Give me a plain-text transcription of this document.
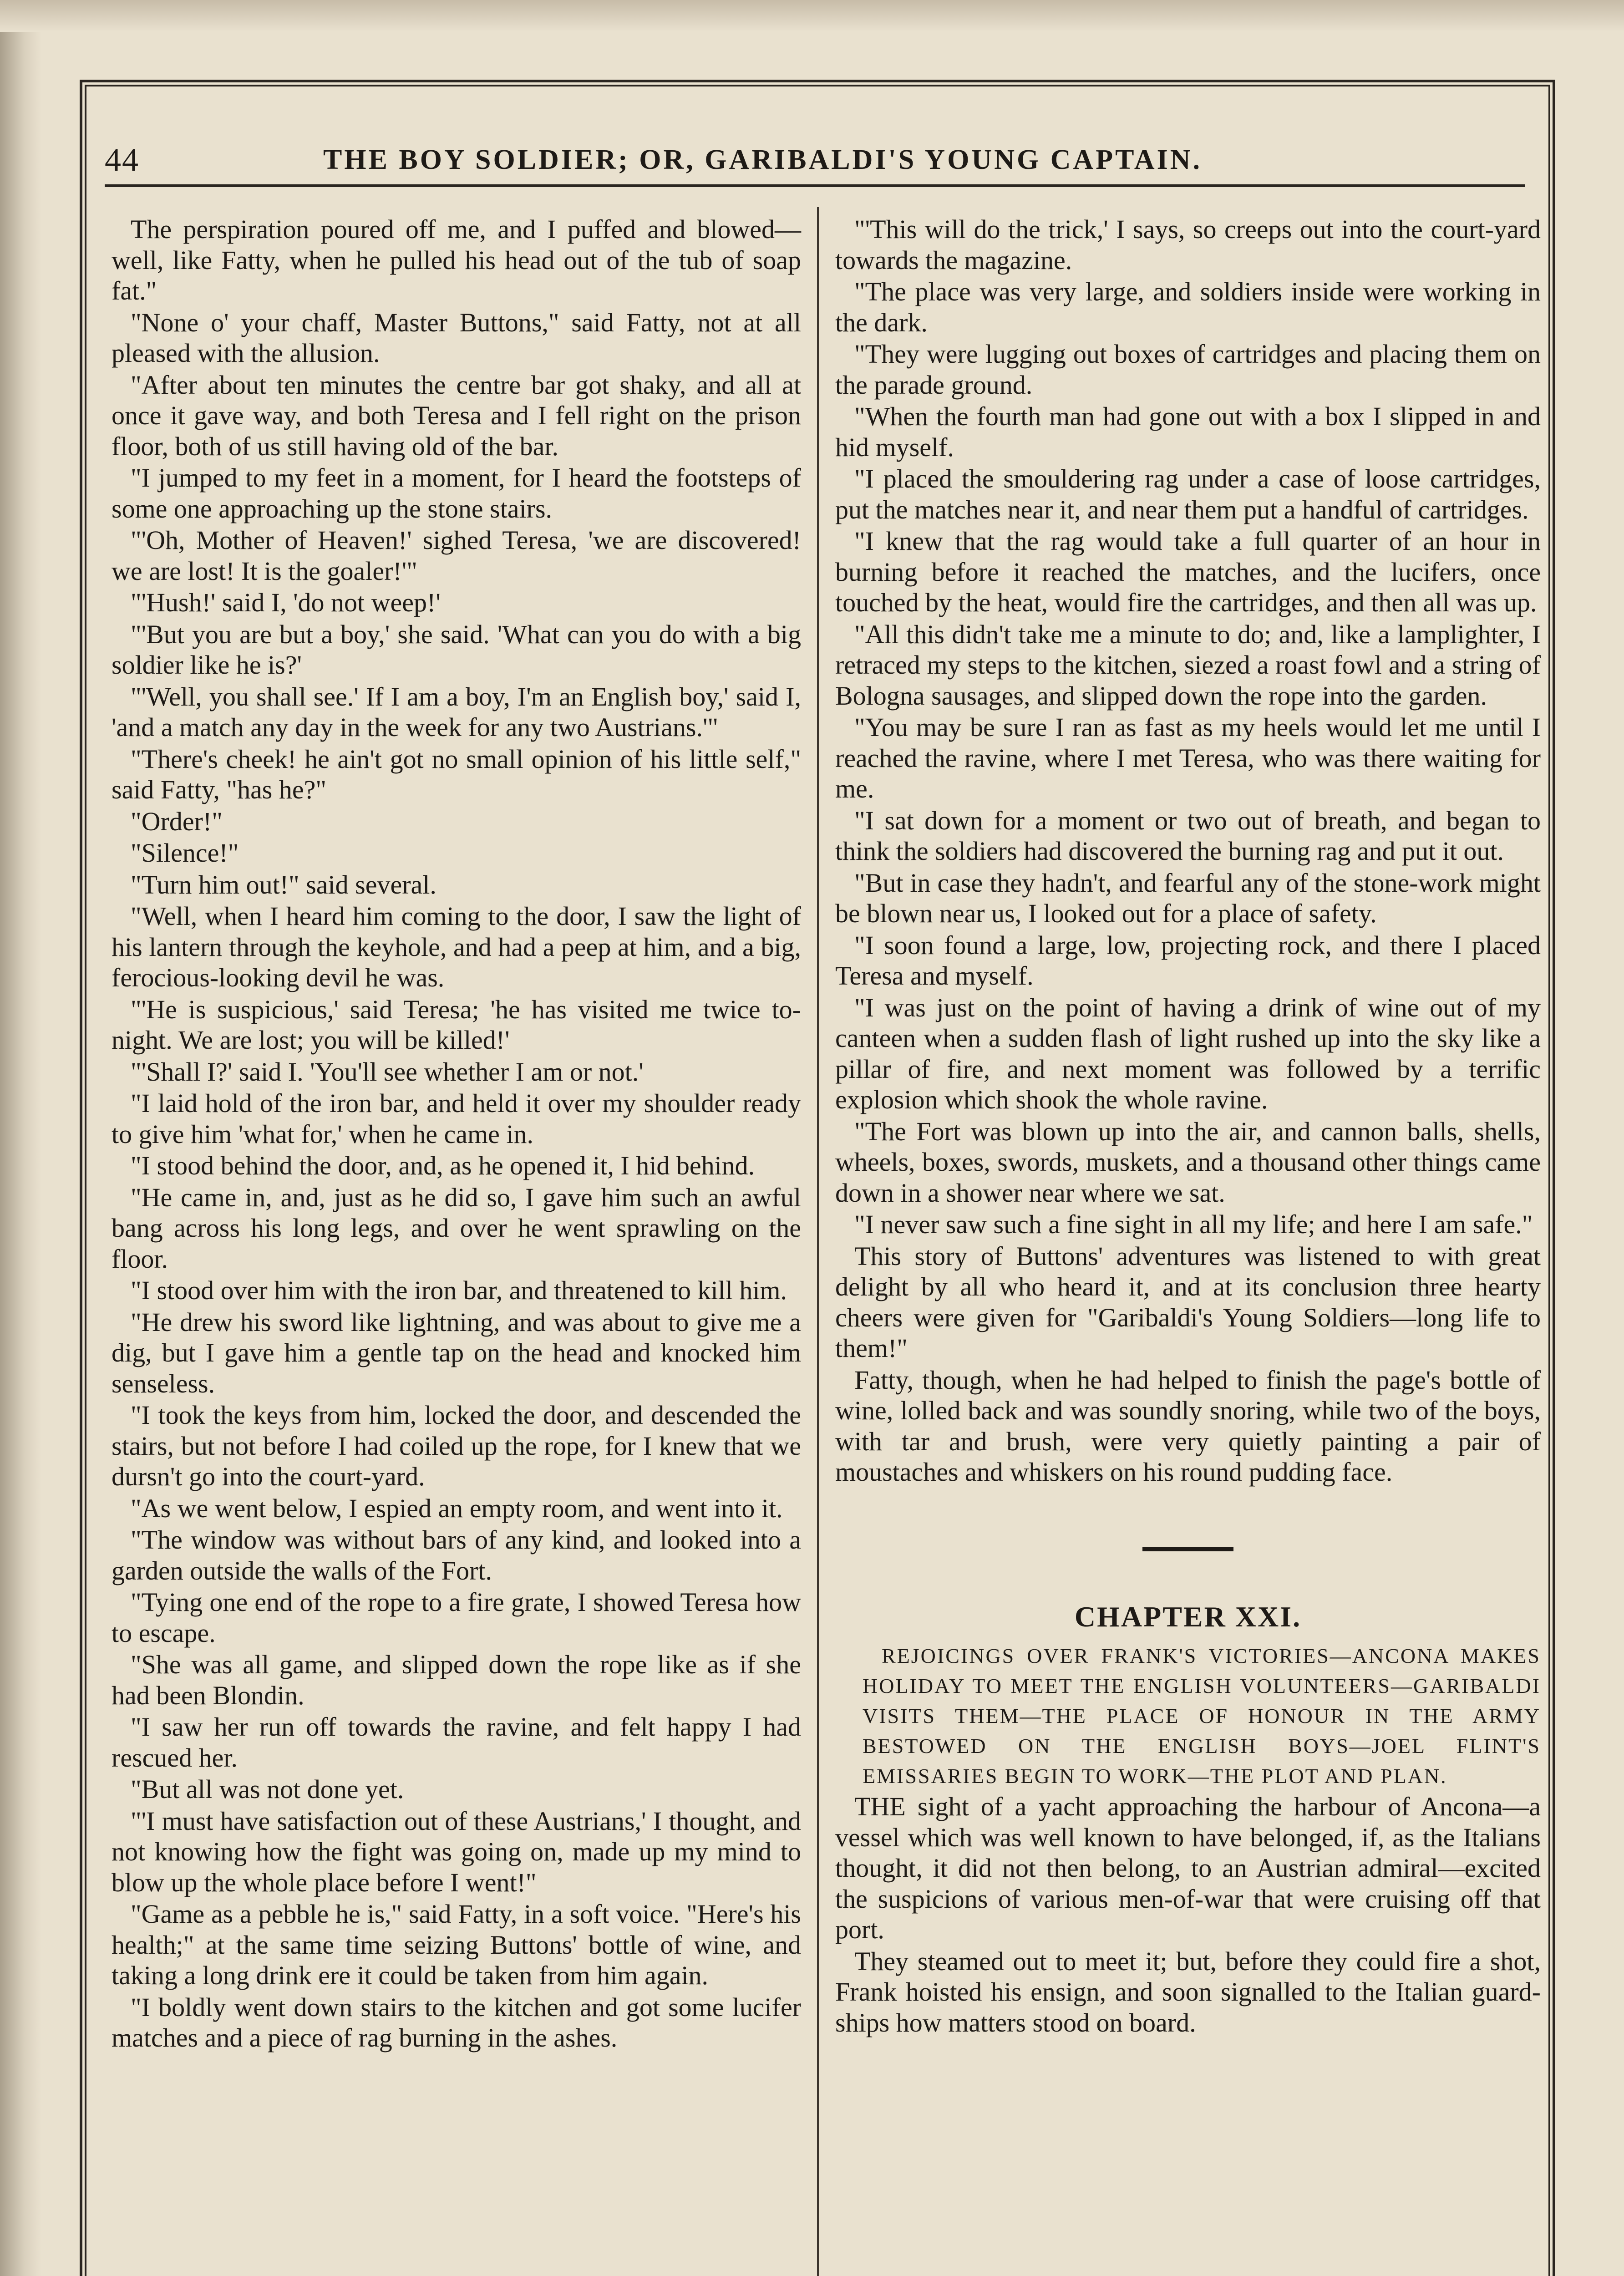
44	THE BOY SOLDIER; OR, GARIBALDI'S YOUNG CAPTAIN.

The perspiration poured off me, and I puffed and blowed—well, like Fatty, when he pulled his head out of the tub of soap fat."

"None o' your chaff, Master Buttons," said Fatty, not at all pleased with the allusion.

"After about ten minutes the centre bar got shaky, and all at once it gave way, and both Teresa and I fell right on the prison floor, both of us still having old of the bar.

"I jumped to my feet in a moment, for I heard the footsteps of some one approaching up the stone stairs.

"'Oh, Mother of Heaven!' sighed Teresa, 'we are discovered! we are lost! It is the goaler!'"

"'Hush!' said I, 'do not weep!'

"'But you are but a boy,' she said. 'What can you do with a big soldier like he is?'

"'Well, you shall see.' If I am a boy, I'm an English boy,' said I, 'and a match any day in the week for any two Austrians.'"

"There's cheek! he ain't got no small opinion of his little self," said Fatty, "has he?"

"Order!"

"Silence!"

"Turn him out!" said several.

"Well, when I heard him coming to the door, I saw the light of his lantern through the keyhole, and had a peep at him, and a big, ferocious-looking devil he was.

"'He is suspicious,' said Teresa; 'he has visited me twice to-night. We are lost; you will be killed!'

"'Shall I?' said I. 'You'll see whether I am or not.'

"I laid hold of the iron bar, and held it over my shoulder ready to give him 'what for,' when he came in.

"I stood behind the door, and, as he opened it, I hid behind.

"He came in, and, just as he did so, I gave him such an awful bang across his long legs, and over he went sprawling on the floor.

"I stood over him with the iron bar, and threatened to kill him.

"He drew his sword like lightning, and was about to give me a dig, but I gave him a gentle tap on the head and knocked him senseless.

"I took the keys from him, locked the door, and descended the stairs, but not before I had coiled up the rope, for I knew that we dursn't go into the court-yard.

"As we went below, I espied an empty room, and went into it.

"The window was without bars of any kind, and looked into a garden outside the walls of the Fort.

"Tying one end of the rope to a fire grate, I showed Teresa how to escape.

"She was all game, and slipped down the rope like as if she had been Blondin.

"I saw her run off towards the ravine, and felt happy I had rescued her.

"But all was not done yet.

"'I must have satisfaction out of these Austrians,' I thought, and not knowing how the fight was going on, made up my mind to blow up the whole place before I went!"

"Game as a pebble he is," said Fatty, in a soft voice. "Here's his health;" at the same time seizing Buttons' bottle of wine, and taking a long drink ere it could be taken from him again.

"I boldly went down stairs to the kitchen and got some lucifer matches and a piece of rag burning in the ashes.

"'This will do the trick,' I says, so creeps out into the court-yard towards the magazine.

"The place was very large, and soldiers inside were working in the dark.

"They were lugging out boxes of cartridges and placing them on the parade ground.

"When the fourth man had gone out with a box I slipped in and hid myself.

"I placed the smouldering rag under a case of loose cartridges, put the matches near it, and near them put a handful of cartridges.

"I knew that the rag would take a full quarter of an hour in burning before it reached the matches, and the lucifers, once touched by the heat, would fire the cartridges, and then all was up.

"All this didn't take me a minute to do; and, like a lamplighter, I retraced my steps to the kitchen, siezed a roast fowl and a string of Bologna sausages, and slipped down the rope into the garden.

"You may be sure I ran as fast as my heels would let me until I reached the ravine, where I met Teresa, who was there waiting for me.

"I sat down for a moment or two out of breath, and began to think the soldiers had discovered the burning rag and put it out.

"But in case they hadn't, and fearful any of the stone-work might be blown near us, I looked out for a place of safety.

"I soon found a large, low, projecting rock, and there I placed Teresa and myself.

"I was just on the point of having a drink of wine out of my canteen when a sudden flash of light rushed up into the sky like a pillar of fire, and next moment was followed by a terrific explosion which shook the whole ravine.

"The Fort was blown up into the air, and cannon balls, shells, wheels, boxes, swords, muskets, and a thousand other things came down in a shower near where we sat.

"I never saw such a fine sight in all my life; and here I am safe."

This story of Buttons' adventures was listened to with great delight by all who heard it, and at its conclusion three hearty cheers were given for "Garibaldi's Young Soldiers—long life to them!"

Fatty, though, when he had helped to finish the page's bottle of wine, lolled back and was soundly snoring, while two of the boys, with tar and brush, were very quietly painting a pair of moustaches and whiskers on his round pudding face.

CHAPTER XXI.

REJOICINGS OVER FRANK'S VICTORIES—ANCONA MAKES HOLIDAY TO MEET THE ENGLISH VOLUNTEERS—GARIBALDI VISITS THEM—THE PLACE OF HONOUR IN THE ARMY BESTOWED ON THE ENGLISH BOYS—JOEL FLINT'S EMISSARIES BEGIN TO WORK—THE PLOT AND PLAN.

THE sight of a yacht approaching the harbour of Ancona—a vessel which was well known to have belonged, if, as the Italians thought, it did not then belong, to an Austrian admiral—excited the suspicions of various men-of-war that were cruising off that port.

They steamed out to meet it; but, before they could fire a shot, Frank hoisted his ensign, and soon signalled to the Italian guard-ships how matters stood on board.
